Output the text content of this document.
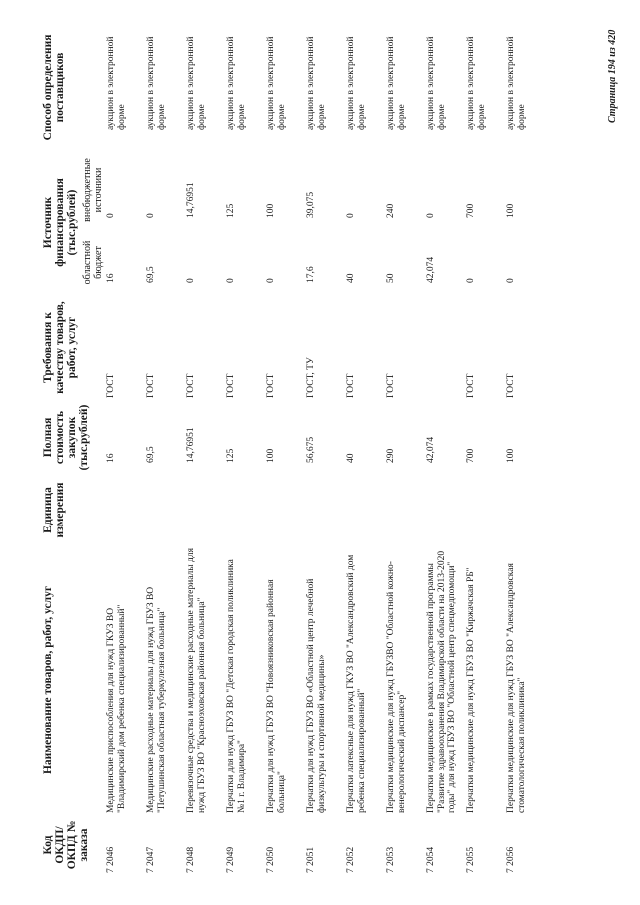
Код ОКДП/ ОКПД № заказа	Наименование товаров, работ, услуг	Единица измерения	Полная стоимость закупок (тыс.рублей)	Требования к качеству товаров, работ, услуг	Источник финансирования (тыс.рублей)		Способ определения поставщиков
					областной бюджет	внебюджетные источники	
7 2046	Медицинские приспособления для нужд ГКУЗ ВО "Владимирский дом ребенка специализированный"		16	ГОСТ	16	0	аукцион в электронной форме
7 2047	Медицинские расходные материалы для нужд ГБУЗ ВО "Петушинская областная туберкулезная больница"		69,5	ГОСТ	69,5	0	аукцион в электронной форме
7 2048	Перевязочные средства и медицинские расходные материалы для нужд ГБУЗ ВО "Красноэховская районная больница"		14,76951	ГОСТ	0	14,76951	аукцион в электронной форме
7 2049	Перчатки для нужд ГБУЗ ВО "Детская городская поликлиника №1 г. Владимира"		125	ГОСТ	0	125	аукцион в электронной форме
7 2050	Перчатки для нужд ГБУЗ ВО "Новоязниковская районная больница"		100	ГОСТ	0	100	аукцион в электронной форме
7 2051	Перчатки для нужд ГБУЗ ВО «Областной центр лечебной физкультуры и спортивной медицины»		56,675	ГОСТ, ТУ	17,6	39,075	аукцион в электронной форме
7 2052	Перчатки латексные для нужд ГКУЗ ВО "Александровский дом ребенка специализированный"		40	ГОСТ	40	0	аукцион в электронной форме
7 2053	Перчатки медицинские для нужд ГБУЗВО "Областной кожно-венерологический диспансер"		290	ГОСТ	50	240	аукцион в электронной форме
7 2054	Перчатки медицинские в рамках государственной программы "Развитие здравоохранения Владимирской области на 2013-2020 годы" для нужд ГБУЗ ВО "Областной центр спецмедпомощи"		42,074		42,074	0	аукцион в электронной форме
7 2055	Перчатки медицинские для нужд ГБУЗ ВО "Киржачская РБ"		700	ГОСТ	0	700	аукцион в электронной форме
7 2056	Перчатки медицинские для нужд ГБУЗ ВО "Александровская стоматологическая поликлиника"		100	ГОСТ	0	100	аукцион в электронной форме	Страница 194 из 420
